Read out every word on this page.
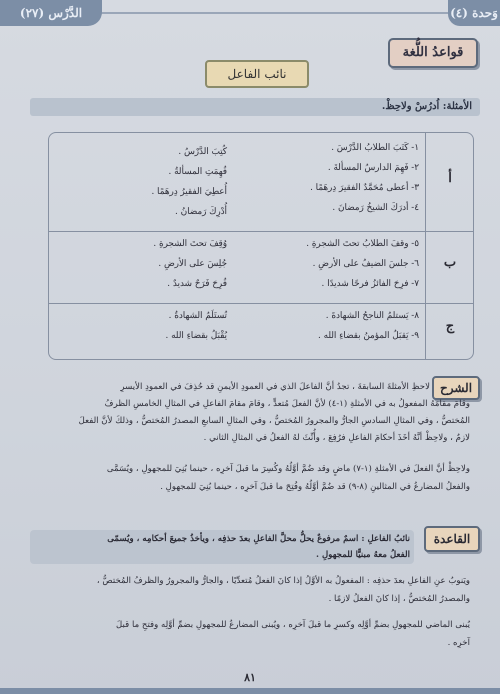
الدَّرْس (٢٧)	وَحدة (٤)
قواعدُ اللُّغة
نائب الفاعل
الأمثلة: اُدرُسْ ولاحِظْ.
أ
١- كَتَبَ الطلابُ الدَّرْسَ .
٢- فَهِمَ الدارسُ المسألةَ .
٣- أعطى مُحَمَّدٌ الفقيرَ دِرهَمًا .
٤- أدرَكَ الشيخُ رَمضانَ .
كُتِبَ الدَّرْسُ .
فُهِمَتِ المسألةُ .
أُعطِيَ الفقيرُ دِرهَمًا .
أُدْرِكَ رَمضانُ .
ب
٥- وقفَ الطلابُ تحتَ الشجرةِ .
٦- جلسَ الضيفُ على الأرضِ .
٧- فرِحَ الفائزُ فرحًا شديدًا .
وُقِفَ تحتَ الشجرةِ .
جُلِسَ على الأرضِ .
فُرِحَ فَرَحٌ شديدٌ .
ج
٨- يَستلمُ الناجحُ الشهادةَ .
٩- يَقبَلُ المؤمنُ بقضاءِ الله .
تُستَلَمُ الشهادةُ .
يُقْبَلُ بقضاءِ الله .
الشرح
لاحظِ الأمثلةَ السابقةَ ، تجدُ أنَّ الفاعلَ الذي في العمودِ الأيمنِ قد حُذِفَ في العمودِ الأيسرِ
وقامَ مقامَهُ المفعولُ به في الأمثلةِ (١-٤) لأنَّ الفعلَ مُتعدٍّ ، وقامَ مقامَ الفاعلِ في المثالِ الخامسِ الظرفُ
المُختصُّ ، وفي المثالِ السادسِ الجارُّ والمجرورُ المُختصُّ ، وفي المثالِ السابعِ المصدرُ المُختصُّ ، وذلكَ لأنَّ الفعلَ
لازمٌ ، ولاحِظْ أنَّهُ أخَذَ أحكامَ الفاعلِ فرُفِعَ ، وأُنِّثَ لهُ الفعلُ في المثالِ الثاني .
ولاحِظْ أنَّ الفعلَ في الأمثلةِ (١-٧) ماضٍ وقد ضُمَّ أوَّلُهُ وكُسِرَ ما قبلَ آخرِه ، حينما بُنِيَ للمجهولِ ، ويُسَمَّى
والفعلُ المضارعُ في المثالينِ (٨-٩) قد ضُمَّ أوَّلُهُ وفُتِحَ ما قبلَ آخرِه ، حينما بُنِيَ للمجهولِ .
القاعدة
نائبُ الفاعلِ : اسمٌ مرفوعٌ يحلُّ محلَّ الفاعلِ بعدَ حذفِه ، ويأخذُ جميعَ أحكامِه ، ويُسمّى
الفعلُ معهُ مبنيًّا للمجهولِ .
ويَنوبُ عنِ الفاعلِ بعدَ حذفِه : المفعولُ به الأوَّلُ إذا كانَ الفعلُ مُتعدِّيًا ، والجارُّ والمجرورُ والظرفُ المُختصُّ ،
والمصدرُ المُختصُّ ، إذا كانَ الفعلُ لازمًا .
يُبنى الماضي للمجهولِ بضمِّ أوَّلِه وكسرِ ما قبلَ آخرِه ، ويُبنى المضارعُ للمجهولِ بضمِّ أوَّلِه وفتحِ ما قبلَ
آخرِه .
٨١
